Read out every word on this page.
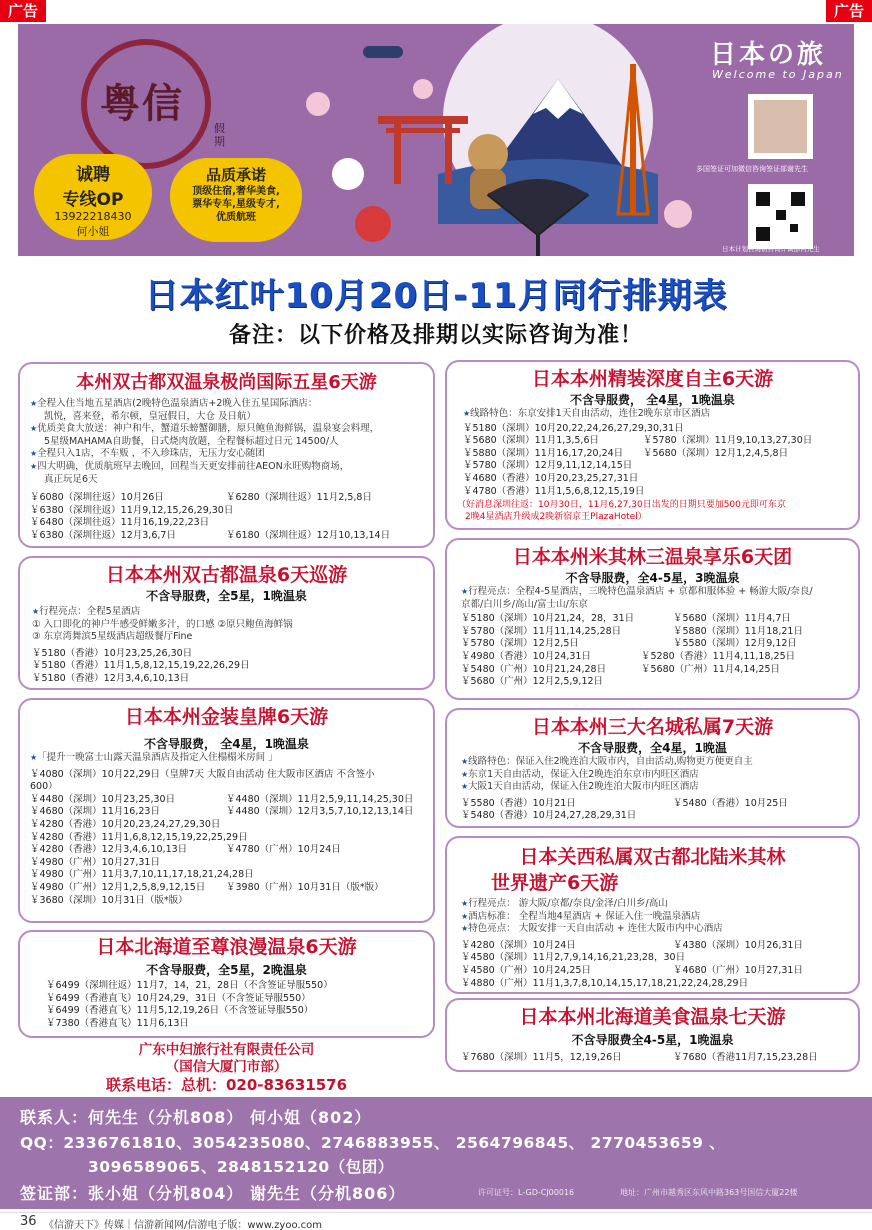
广告	广告
粤信
假期
诚聘
专线OP
13922218430
何小姐
品质承诺
顶级住宿,奢华美食,
票华专车,星级专才,
优质航班
日本の旅
Welcome to Japan
多国签证可加微信咨询签证部谢先生
日本计划咨询请咨询计调部何先生
日本红叶10月20日-11月同行排期表
备注：以下价格及排期以实际咨询为准！
本州双古都双温泉极尚国际五星6天游
★全程入住当地五星酒店(2晚特色温泉酒店+2晚入住五星国际酒店：
凯悦，喜来登，希尔顿，皇冠假日，大仓 及日航）
★优质美食大放送：神户和牛，蟹道乐螃蟹御膳，原只鲍鱼海鲜锅，温泉宴会料理，
5星级MAHAMA自助餐，日式烧肉放题，全程餐标超过日元 14500/人
★全程只入1店，不车贩 ，不入珍珠店，无压力安心随团
★四大明确，优质航班早去晚回，回程当天更安排前往AEON永旺购物商场，
真正玩足6天
￥6080（深圳往返）10月26日	￥6280（深圳往返）11月2,5,8日
￥6380（深圳往返）11月9,12,15,26,29,30日
￥6480（深圳往返）11月16,19,22,23日
￥6380（深圳往返）12月3,6,7日	￥6180（深圳往返）12月10,13,14日
日本本州双古都温泉6天巡游
不含导服费，全5星，1晚温泉
★行程亮点：全程5星酒店
① 入口即化的神户牛感受鲜嫩多汁，的口感 ②原只鲍鱼海鲜锅
③ 东京湾舞滨5星级酒店超级餐厅Fine
￥5180（香港）10月23,25,26,30日
￥5180（香港）11月1,5,8,12,15,19,22,26,29日
￥5180（香港）12月3,4,6,10,13日
日本本州金装皇牌6天游
不含导服费， 全4星，1晚温泉
★「提升一晚富士山露天温泉酒店及指定入住榻榻米房间 」
￥4080（深圳）10月22,29日（皇牌7天 大阪自由活动 住大阪市区酒店 不含签小
600）
￥4480（深圳）10月23,25,30日	￥4480（深圳）11月2,5,9,11,14,25,30日
￥4680（深圳）11月16,23日	￥4480（深圳）12月3,5,7,10,12,13,14日
￥4280（香港）10月20,23,24,27,29,30日
￥4280（香港）11月1,6,8,12,15,19,22,25,29日
￥4280（香港）12月3,4,6,10,13日	￥4780（广州）10月24日
￥4980（广州）10月27,31日
￥4980（广州）11月3,7,10,11,17,18,21,24,28日
￥4980（广州）12月1,2,5,8,9,12,15日 ￥3980（广州）10月31日（版*版）
￥3680（深圳）10月31日（版*版）
日本北海道至尊浪漫温泉6天游
不含导服费，全5星，2晚温泉
￥6499（深圳往返）11月7，14，21，28日（不含签证导服550）
￥6499（香港直飞）10月24,29，31日（不含签证导服550）
￥6499（香港直飞）11月5,12,19,26日（不含签证导服550）
￥7380（香港直飞）11月6,13日
广东中妇旅行社有限责任公司
（国信大厦门市部）
联系电话：总机：020-83631576
日本本州精装深度自主6天游
不含导服费， 全4星，1晚温泉
★线路特色：东京安排1天自由活动，连住2晚东京市区酒店
￥5180（深圳）10月20,22,24,26,27,29,30,31日
￥5680（深圳）11月1,3,5,6日	￥5780（深圳）11月9,10,13,27,30日
￥5880（深圳）11月16,17,20,24日 ￥5680（深圳）12月1,2,4,5,8日
￥5780（深圳）12月9,11,12,14,15日
￥4680（香港）10月20,23,25,27,31日
￥4780（香港）11月1,5,6,8,12,15,19日
（好消息深圳往返：10月30日，11月6,27,30日出发的日期只要加500元即可东京
2晚4星酒店升级成2晚新宿京王PlazaHotel）
日本本州米其林三温泉享乐6天团
不含导服费，全4-5星，3晚温泉
★行程亮点：全程4-5星酒店，三晚特色温泉酒店 + 京都和服体验 + 畅游大阪/奈良/
京都/白川乡/高山/富士山/东京
￥5180（深圳）10月21,24，28，31日	￥5680（深圳）11月4,7日
￥5780（深圳）11月11,14,25,28日	￥5880（深圳）11月18,21日
￥5780（深圳）12月2,5日	￥5580（深圳）12月9,12日
￥4980（香港）10月24,31日	￥5280（香港）11月4,11,18,25日
￥5480（广州）10月21,24,28日	￥5680（广州）11月4,14,25日
￥5680（广州）12月2,5,9,12日
日本本州三大名城私属7天游
不含导服费，全4星，1晚温
★线路特色：保证入住2晚连泊大阪市内，自由活动,购物更方便更自主
★东京1天自由活动，保证入住2晚连泊东京市内旺区酒店
★大阪1天自由活动，保证入住2晚连泊大阪市内旺区酒店
￥5580（香港）10月21日	￥5480（香港）10月25日
￥5480（香港）10月24,27,28,29,31日
日本关西私属双古都北陆米其林
世界遗产6天游
★行程亮点： 游大阪/京都/奈良/金泽/白川乡/高山
★酒店标准： 全程当地4星酒店 + 保证入住一晚温泉酒店
★特色亮点： 大阪安排一天自由活动 + 连住大阪市内中心酒店
￥4280（深圳）10月24日	￥4380（深圳）10月26,31日
￥4580（深圳）11月2,7,9,14,16,21,23,28，30日
￥4580（广州）10月24,25日	￥4680（广州）10月27,31日
￥4880（广州）11月1,3,7,8,10,14,15,17,18,21,22,24,28,29日
日本本州北海道美食温泉七天游
不含导服费全4-5星，1晚温泉
￥7680（深圳）11月5，12,19,26日	￥7680（香港11月7,15,23,28日
联系人：何先生（分机808） 何小姐（802）
QQ：2336761810、3054235080、2746883955、 2564796845、 2770453659 、
3096589065、2848152120（包团）
签证部：张小姐（分机804） 谢先生（分机806）	许可证号：L-GD-CJ00016	地址：广州市越秀区东风中路363号国信大厦22楼
36 《信游天下》传媒｜信游新闻网/信游电子版：www.zyoo.com
